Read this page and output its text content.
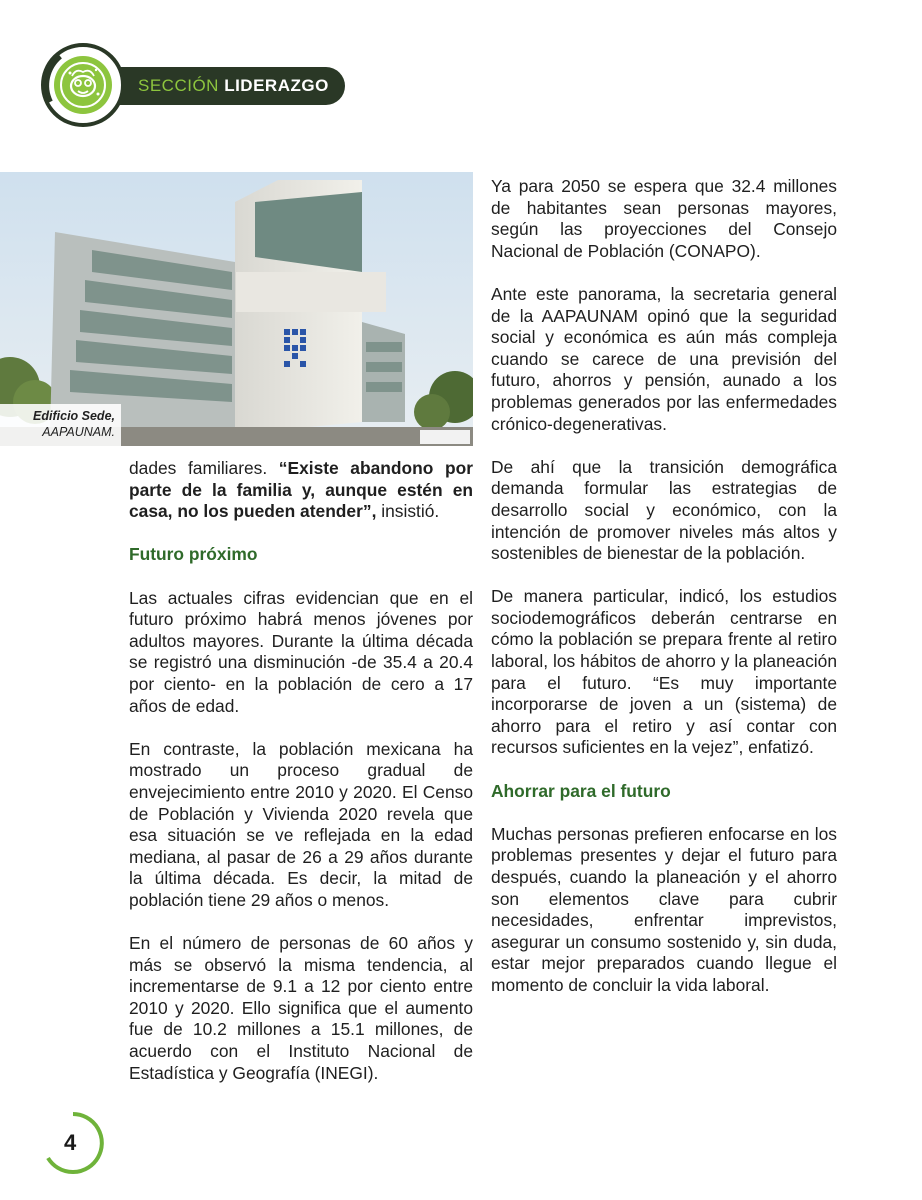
SECCIÓN LIDERAZGO
Edificio Sede,
AAPAUNAM.

dades familiares. “Existe abandono por parte de la familia y, aunque estén en casa, no los pueden atender”, insistió.

Futuro próximo

Las actuales cifras evidencian que en el futuro próximo habrá menos jóvenes por adultos mayores. Durante la última década se registró una disminución -de 35.4 a 20.4 por ciento- en la población de cero a 17 años de edad.

En contraste, la población mexicana ha mostrado un proceso gradual de envejecimiento entre 2010 y 2020. El Censo de Población y Vivienda 2020 revela que esa situación se ve reflejada en la edad mediana, al pasar de 26 a 29 años durante la última década. Es decir, la mitad de población tiene 29 años o menos.

En el número de personas de 60 años y más se observó la misma tendencia, al incrementarse de 9.1 a 12 por ciento entre 2010 y 2020. Ello significa que el aumento fue de 10.2 millones a 15.1 millones, de acuerdo con el Instituto Nacional de Estadística y Geografía (INEGI).

Ya para 2050 se espera que 32.4 millones de habitantes sean personas mayores, según las proyecciones del Consejo Nacional de Población (CONAPO).

Ante este panorama, la secretaria general de la AAPAUNAM opinó que la seguridad social y económica es aún más compleja cuando se carece de una previsión del futuro, ahorros y pensión, aunado a los problemas generados por las enfermedades crónico-degenerativas.

De ahí que la transición demográfica demanda formular las estrategias de desarrollo social y económico, con la intención de promover niveles más altos y sostenibles de bienestar de la población.

De manera particular, indicó, los estudios sociodemográficos deberán centrarse en cómo la población se prepara frente al retiro laboral, los hábitos de ahorro y la planeación para el futuro. “Es muy importante incorporarse de joven a un (sistema) de ahorro para el retiro y así contar con recursos suficientes en la vejez”, enfatizó.

Ahorrar para el futuro

Muchas personas prefieren enfocarse en los problemas presentes y dejar el futuro para después, cuando la planeación y el ahorro son elementos clave para cubrir necesidades, enfrentar imprevistos, asegurar un consumo sostenido y, sin duda, estar mejor preparados cuando llegue el momento de concluir la vida laboral.

4
